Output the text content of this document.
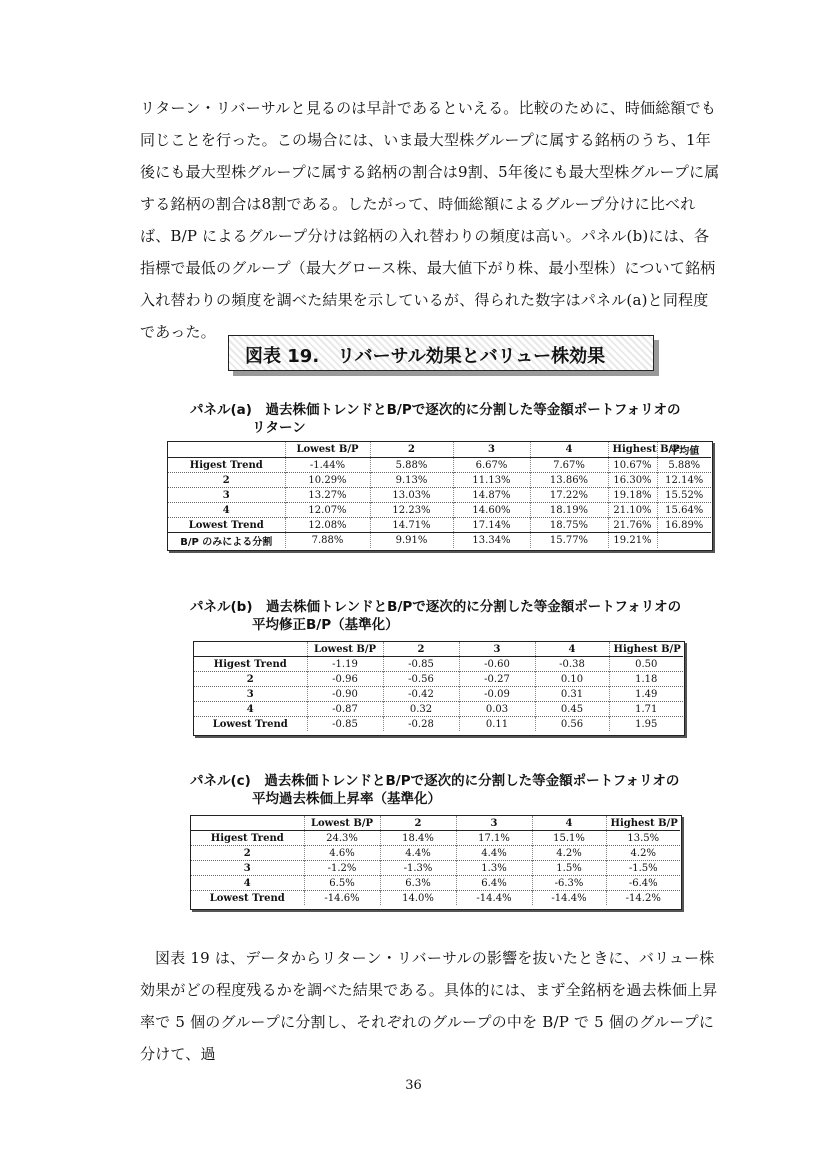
リターン・リバーサルと見るのは早計であるといえる。比較のために、時価総額でも同じことを行った。この場合には、いま最大型株グループに属する銘柄のうち、1年後にも最大型株グループに属する銘柄の割合は9割、5年後にも最大型株グループに属する銘柄の割合は8割である。したがって、時価総額によるグループ分けに比べれば、B/P によるグループ分けは銘柄の入れ替わりの頻度は高い。パネル(b)には、各指標で最低のグループ（最大グロース株、最大値下がり株、最小型株）について銘柄入れ替わりの頻度を調べた結果を示しているが、得られた数字はパネル(a)と同程度であった。
図表 19.　リバーサル効果とバリュー株効果
パネル(a)　過去株価トレンドとB/Pで逐次的に分割した等金額ポートフォリオの
リターン
	Lowest B/P	2	3	4	Highest B/P	平均値
Higest Trend	-1.44%	5.88%	6.67%	7.67%	10.67%	5.88%
2	10.29%	9.13%	11.13%	13.86%	16.30%	12.14%
3	13.27%	13.03%	14.87%	17.22%	19.18%	15.52%
4	12.07%	12.23%	14.60%	18.19%	21.10%	15.64%
Lowest Trend	12.08%	14.71%	17.14%	18.75%	21.76%	16.89%
B/P のみによる分割	7.88%	9.91%	13.34%	15.77%	19.21%	
パネル(b)　過去株価トレンドとB/Pで逐次的に分割した等金額ポートフォリオの
平均修正B/P（基準化）
	Lowest B/P	2	3	4	Highest B/P
Higest Trend	-1.19	-0.85	-0.60	-0.38	0.50
2	-0.96	-0.56	-0.27	0.10	1.18
3	-0.90	-0.42	-0.09	0.31	1.49
4	-0.87	0.32	0.03	0.45	1.71
Lowest Trend	-0.85	-0.28	0.11	0.56	1.95
パネル(c)　過去株価トレンドとB/Pで逐次的に分割した等金額ポートフォリオの
平均過去株価上昇率（基準化）
	Lowest B/P	2	3	4	Highest B/P
Higest Trend	24.3%	18.4%	17.1%	15.1%	13.5%
2	4.6%	4.4%	4.4%	4.2%	4.2%
3	-1.2%	-1.3%	1.3%	1.5%	-1.5%
4	6.5%	6.3%	6.4%	-6.3%	-6.4%
Lowest Trend	-14.6%	14.0%	-14.4%	-14.4%	-14.2%
図表 19 は、データからリターン・リバーサルの影響を抜いたときに、バリュー株効果がどの程度残るかを調べた結果である。具体的には、まず全銘柄を過去株価上昇率で 5 個のグループに分割し、それぞれのグループの中を B/P で 5 個のグループに分けて、過
36
